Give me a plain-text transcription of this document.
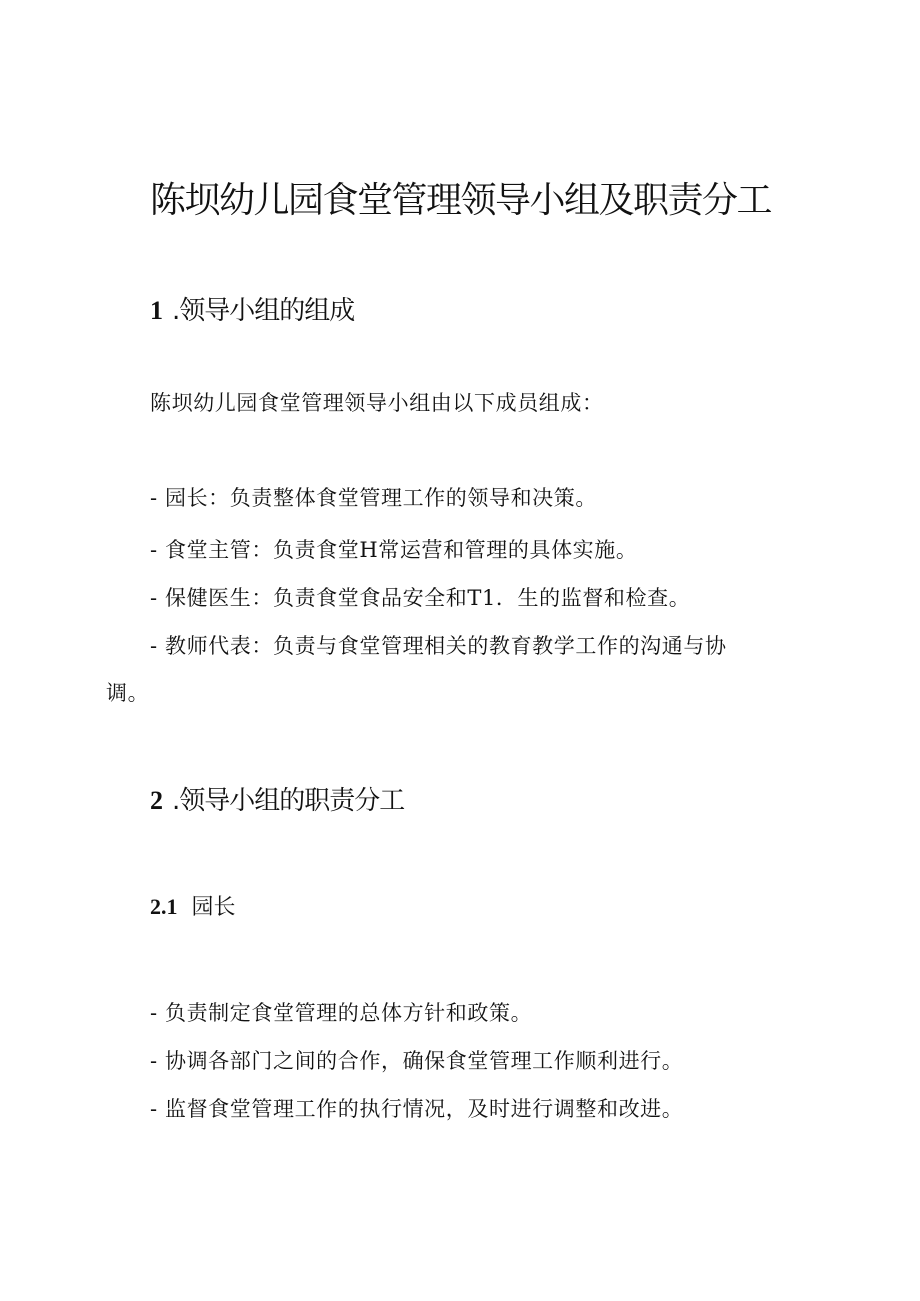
陈坝幼儿园食堂管理领导小组及职责分工
1 .领导小组的组成
陈坝幼儿园食堂管理领导小组由以下成员组成：
- 园长：负责整体食堂管理工作的领导和决策。
- 食堂主管：负责食堂H常运营和管理的具体实施。
- 保健医生：负责食堂食品安全和T1．生的监督和检查。
- 教师代表：负责与食堂管理相关的教育教学工作的沟通与协
调。
2 .领导小组的职责分工
2.1 园长
- 负责制定食堂管理的总体方针和政策。
- 协调各部门之间的合作，确保食堂管理工作顺利进行。
- 监督食堂管理工作的执行情况，及时进行调整和改进。
